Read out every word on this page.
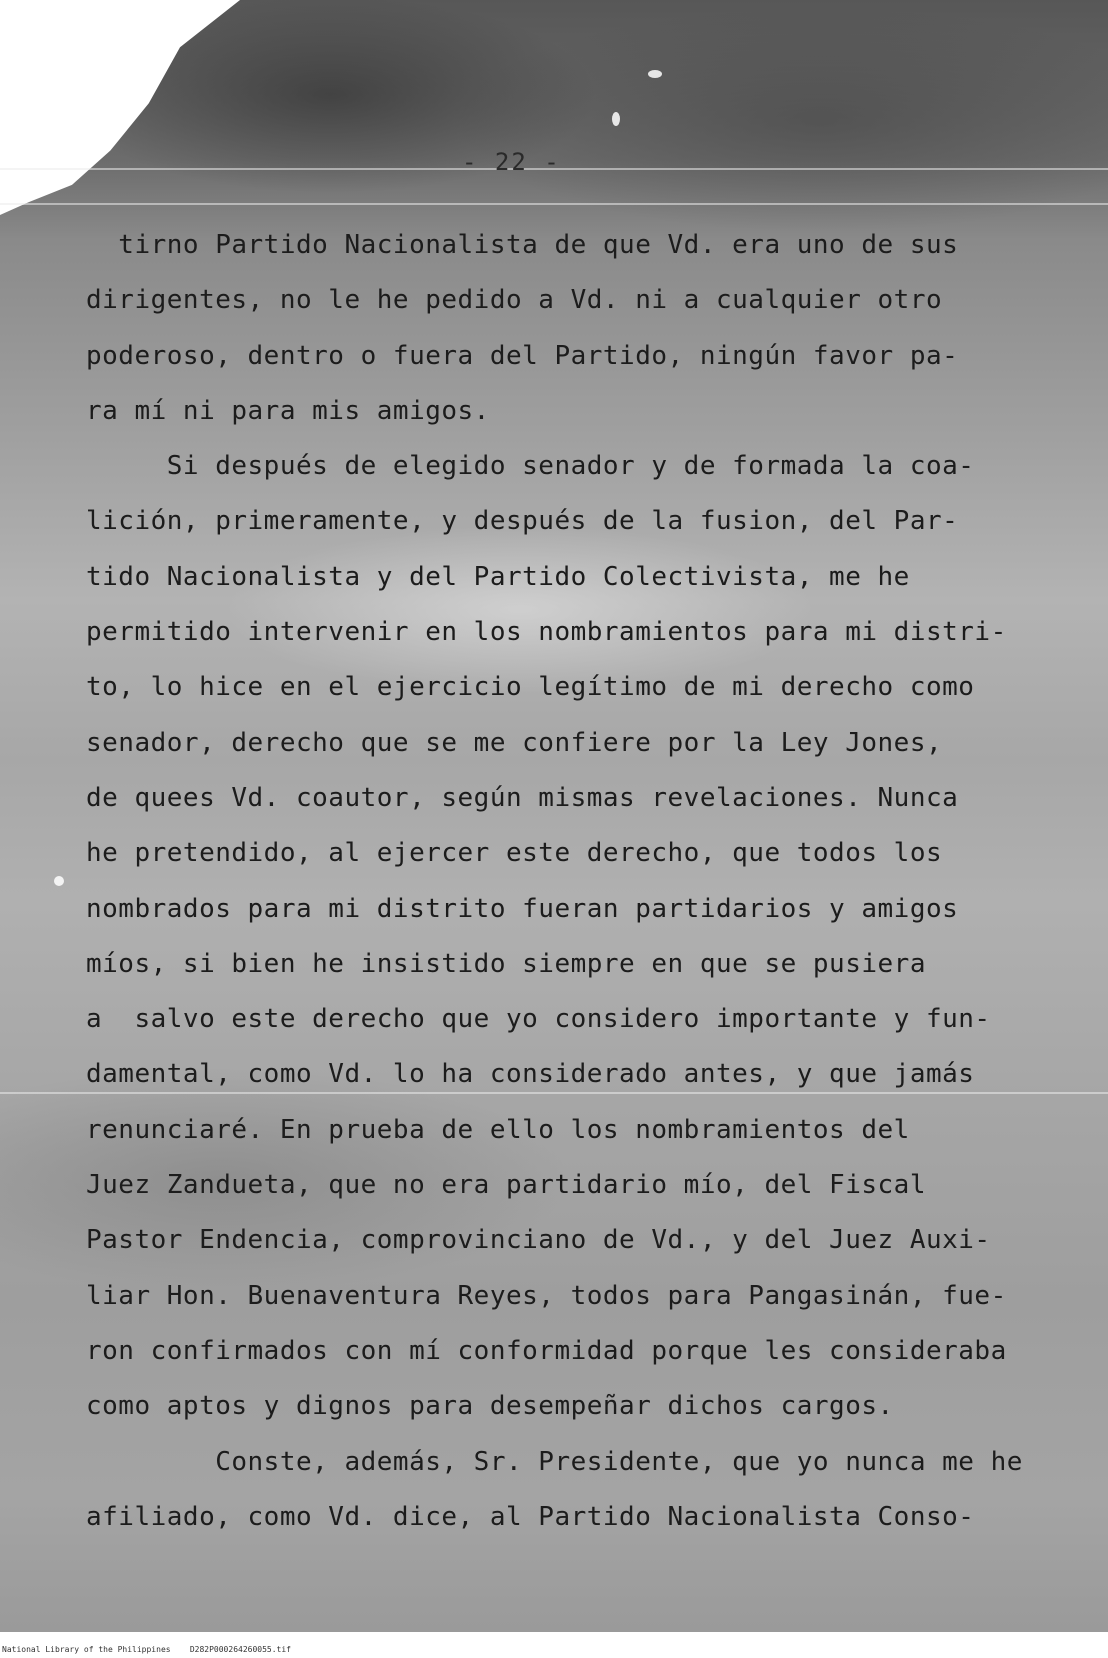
- 22 -
tirno Partido Nacionalista de que Vd. era uno de sus
dirigentes, no le he pedido a Vd. ni a cualquier otro
poderoso, dentro o fuera del Partido, ningún favor pa-
ra mí ni para mis amigos.
Si después de elegido senador y de formada la coa-
lición, primeramente, y después de la fusion, del Par-
tido Nacionalista y del Partido Colectivista, me he
permitido intervenir en los nombramientos para mi distri-
to, lo hice en el ejercicio legítimo de mi derecho como
senador, derecho que se me confiere por la Ley Jones,
de quees Vd. coautor, según mismas revelaciones. Nunca
he pretendido, al ejercer este derecho, que todos los
nombrados para mi distrito fueran partidarios y amigos
míos, si bien he insistido siempre en que se pusiera
a  salvo este derecho que yo considero importante y fun-
damental, como Vd. lo ha considerado antes, y que jamás
renunciaré. En prueba de ello los nombramientos del
Juez Zandueta, que no era partidario mío, del Fiscal
Pastor Endencia, comprovinciano de Vd., y del Juez Auxi-
liar Hon. Buenaventura Reyes, todos para Pangasinán, fue-
ron confirmados con mí conformidad porque les consideraba
como aptos y dignos para desempeñar dichos cargos.
Conste, además, Sr. Presidente, que yo nunca me he
afiliado, como Vd. dice, al Partido Nacionalista Conso-
National Library of the Philippines    D282P000264260055.tif
